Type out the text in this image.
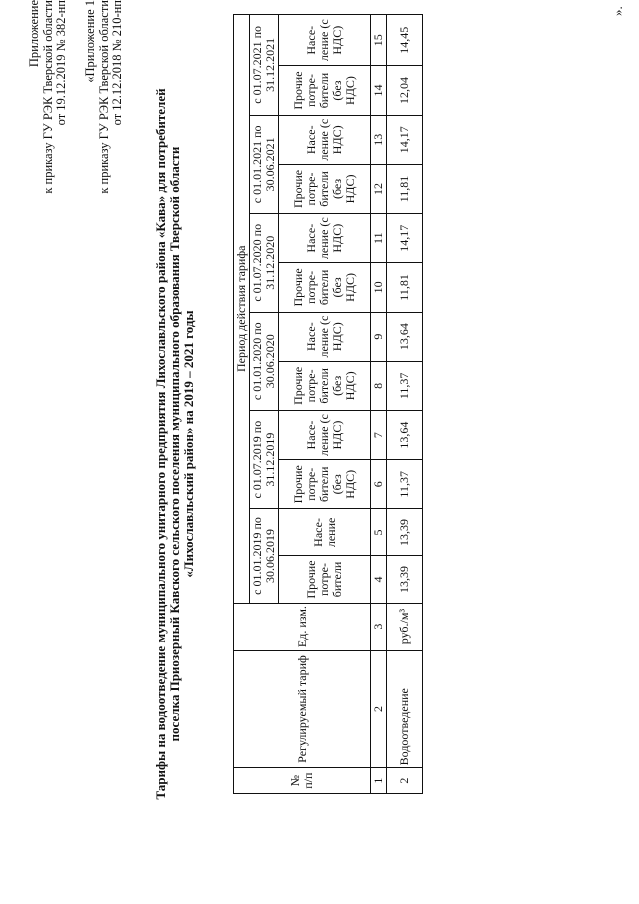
Приложение к приказу ГУ РЭК Тверской области от 19.12.2019 № 382-нп «Приложение 1 к приказу ГУ РЭК Тверской области от 12.12.2018 № 210-нп
Тарифы на водоотведение муниципального унитарного предприятия Лихославльского района «Кава» для потребителей поселка Приозерный Кавского сельского поселения муниципального образования Тверской области «Лихославльский район» на 2019 – 2021 годы
№ п/п	Регулируемый тариф	Ед. изм.	Период действия тарифа											
			с 01.01.2019 по 30.06.2019		с 01.07.2019 по 31.12.2019		с 01.01.2020 по 30.06.2020		с 01.07.2020 по 31.12.2020		с 01.01.2021 по 30.06.2021		с 01.07.2021 по 31.12.2021	
			Прочие потре-бители	Насе-ление	Прочие потре-бители (без НДС)	Насе-ление (с НДС)	Прочие потре-бители (без НДС)	Насе-ление (с НДС)	Прочие потре-бители (без НДС)	Насе-ление (с НДС)	Прочие потре-бители (без НДС)	Насе-ление (с НДС)	Прочие потре-бители (без НДС)	Насе-ление (с НДС)
1	2	3	4	5	6	7	8	9	10	11	12	13	14	15
2	Водоотведение	руб./м³	13,39	13,39	11,37	13,64	11,37	13,64	11,81	14,17	11,81	14,17	12,04	14,45
».
